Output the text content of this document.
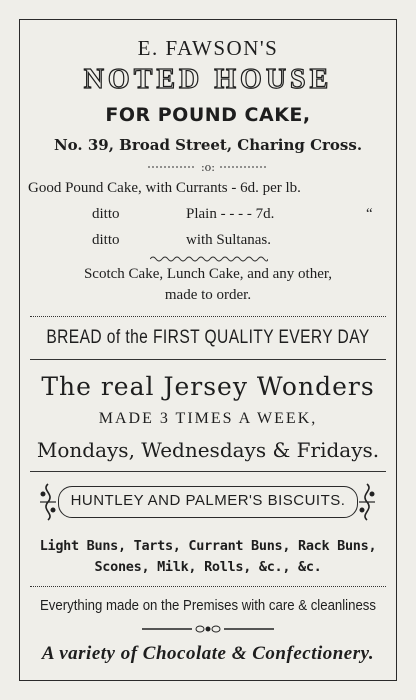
E. FAWSON'S
NOTED HOUSE
FOR POUND CAKE,
No. 39, Broad Street, Charing Cross.
:o:
Good Pound Cake, with Currants - 6d. per lb.
ditto	Plain - - - - 7d.	“
ditto	with Sultanas.
Scotch Cake, Lunch Cake, and any other,
made to order.
BREAD of the FIRST QUALITY EVERY DAY
The real Jersey Wonders
MADE 3 TIMES A WEEK,
Mondays, Wednesdays & Fridays.
HUNTLEY AND PALMER'S BISCUITS.
Light Buns, Tarts, Currant Buns, Rack Buns,
Scones, Milk, Rolls, &c., &c.
Everything made on the Premises with care & cleanliness
A variety of Chocolate & Confectionery.
